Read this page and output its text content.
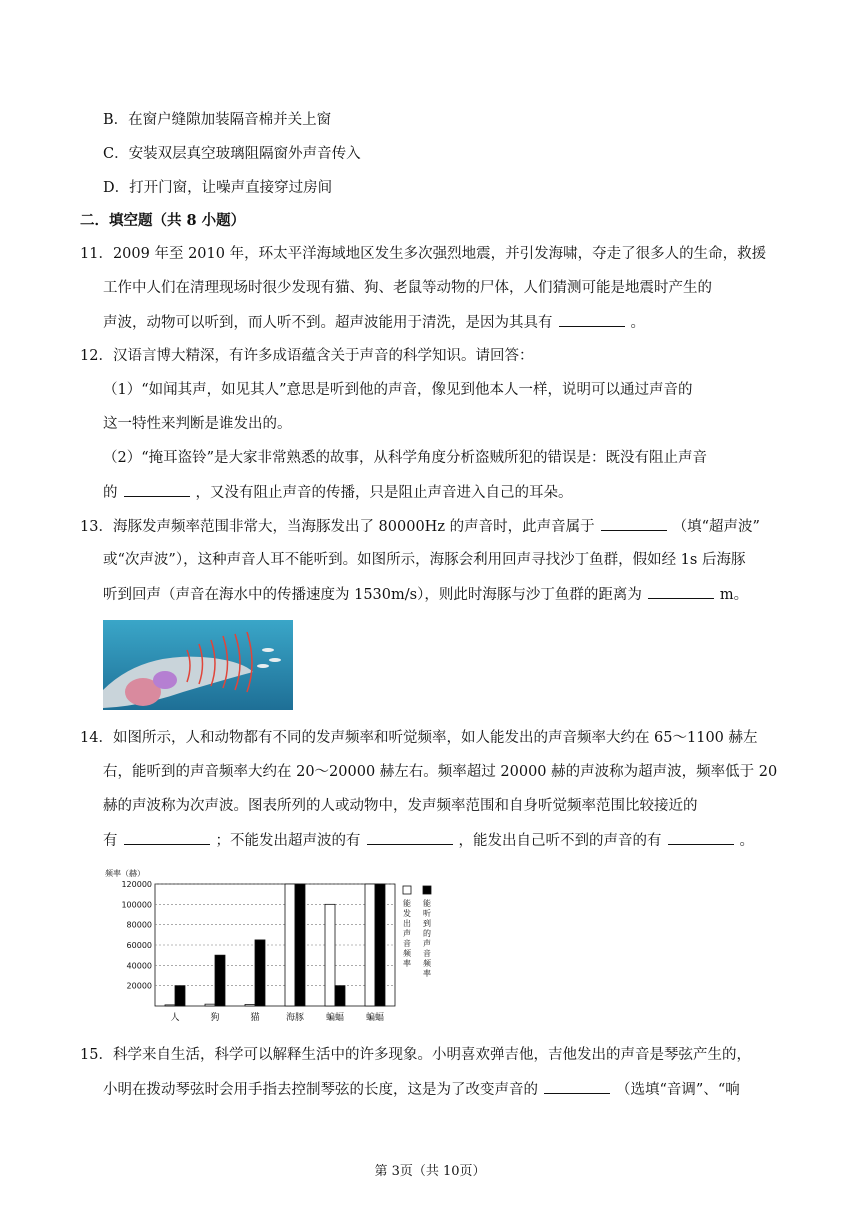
B．在窗户缝隙加装隔音棉并关上窗
C．安装双层真空玻璃阻隔窗外声音传入
D．打开门窗，让噪声直接穿过房间
二．填空题（共 8 小题）
11．2009 年至 2010 年，环太平洋海域地区发生多次强烈地震，并引发海啸，夺走了很多人的生命，救援
工作中人们在清理现场时很少发现有猫、狗、老鼠等动物的尸体，人们猜测可能是地震时产生的
声波，动物可以听到，而人听不到。超声波能用于清洗，是因为其具有	。
12．汉语言博大精深，有许多成语蕴含关于声音的科学知识。请回答：
（1）“如闻其声，如见其人”意思是听到他的声音，像见到他本人一样，说明可以通过声音的
这一特性来判断是谁发出的。
（2）“掩耳盗铃”是大家非常熟悉的故事，从科学角度分析盗贼所犯的错误是：既没有阻止声音
的	，又没有阻止声音的传播，只是阻止声音进入自己的耳朵。
13．海豚发声频率范围非常大，当海豚发出了 80000Hz 的声音时，此声音属于	（填“超声波”
或“次声波”），这种声音人耳不能听到。如图所示，海豚会利用回声寻找沙丁鱼群，假如经 1s 后海豚
听到回声（声音在海水中的传播速度为 1530m/s），则此时海豚与沙丁鱼群的距离为	m。
14．如图所示，人和动物都有不同的发声频率和听觉频率，如人能发出的声音频率大约在 65～1100 赫左
右，能听到的声音频率大约在 20～20000 赫左右。频率超过 20000 赫的声波称为超声波，频率低于 20
赫的声波称为次声波。图表所列的人或动物中，发声频率范围和自身听觉频率范围比较接近的
有	；不能发出超声波的有	，能发出自己听不到的声音的有	。
频率（赫）
20000
40000
60000
80000
100000
120000
人	狗	猫	海豚 蝙蝠 蝙蝠
能
发
出
声
音
频
率
能
听
到
的
声
音
频
率
15．科学来自生活，科学可以解释生活中的许多现象。小明喜欢弹吉他，吉他发出的声音是琴弦产生的，
小明在拨动琴弦时会用手指去控制琴弦的长度，这是为了改变声音的	（选填“音调”、“响
第 3页（共 10页）
